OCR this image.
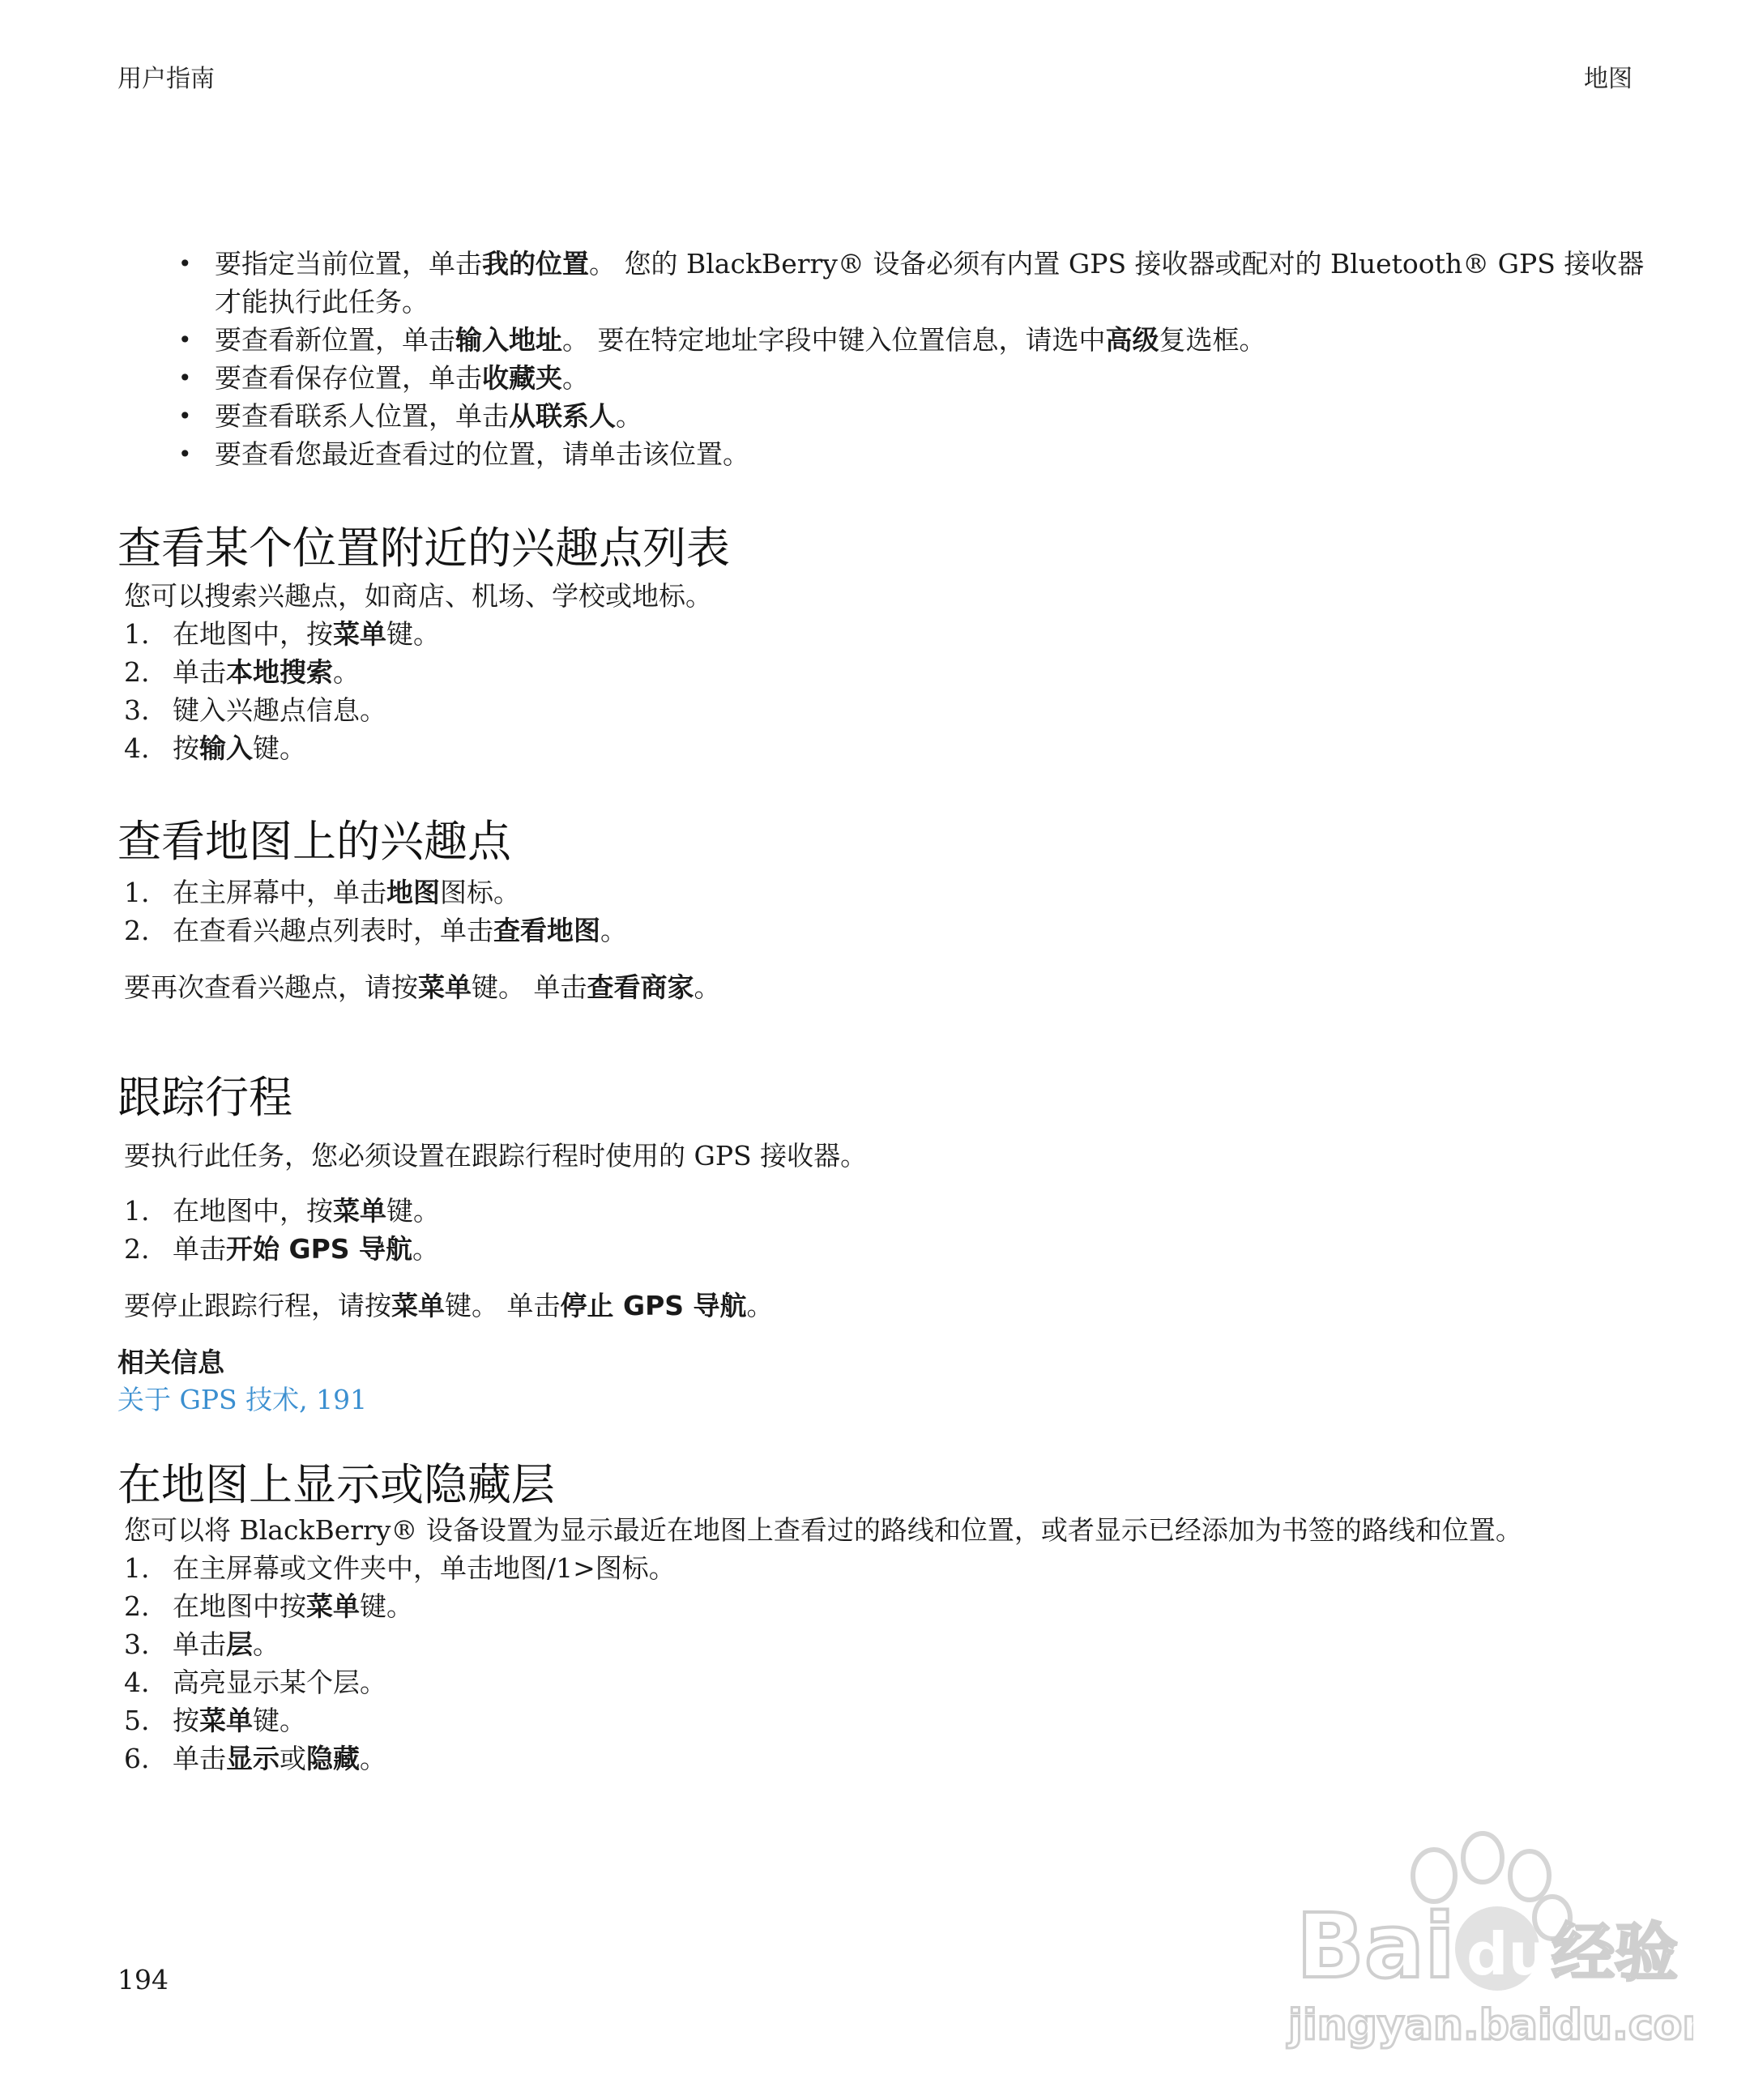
用户指南	地图
• 要指定当前位置，单击我的位置。 您的 BlackBerry® 设备必须有内置 GPS 接收器或配对的 Bluetooth® GPS 接收器才能执行此任务。
• 要查看新位置，单击输入地址。 要在特定地址字段中键入位置信息，请选中高级复选框。
• 要查看保存位置，单击收藏夹。
• 要查看联系人位置，单击从联系人。
• 要查看您最近查看过的位置，请单击该位置。
查看某个位置附近的兴趣点列表
您可以搜索兴趣点，如商店、机场、学校或地标。
1. 在地图中，按 菜单 键。
2. 单击 本地搜索 。
3. 键入兴趣点信息。
4. 按 输入 键。
查看地图上的兴趣点
1. 在主屏幕中，单击 地图 图标。
2. 在查看兴趣点列表时，单击 查看地图 。
要再次查看兴趣点，请按菜单键。 单击查看商家。
跟踪行程
要执行此任务，您必须设置在跟踪行程时使用的 GPS 接收器。
1. 在地图中，按 菜单 键。
2. 单击 开始 GPS 导航 。
要停止跟踪行程，请按菜单键。 单击停止 GPS 导航。
相关信息
关于 GPS 技术, 191
在地图上显示或隐藏层
您可以将 BlackBerry® 设备设置为显示最近在地图上查看过的路线和位置，或者显示已经添加为书签的路线和位置。
1. 在主屏幕或文件夹中，单击地图/1>图标。
2. 在地图中按 菜单 键。
3. 单击 层 。
4. 高亮显示某个层。
5. 按 菜单 键。
6. 单击 显示 或 隐藏 。
194	Bai du 经验
jingyan.baidu.com
